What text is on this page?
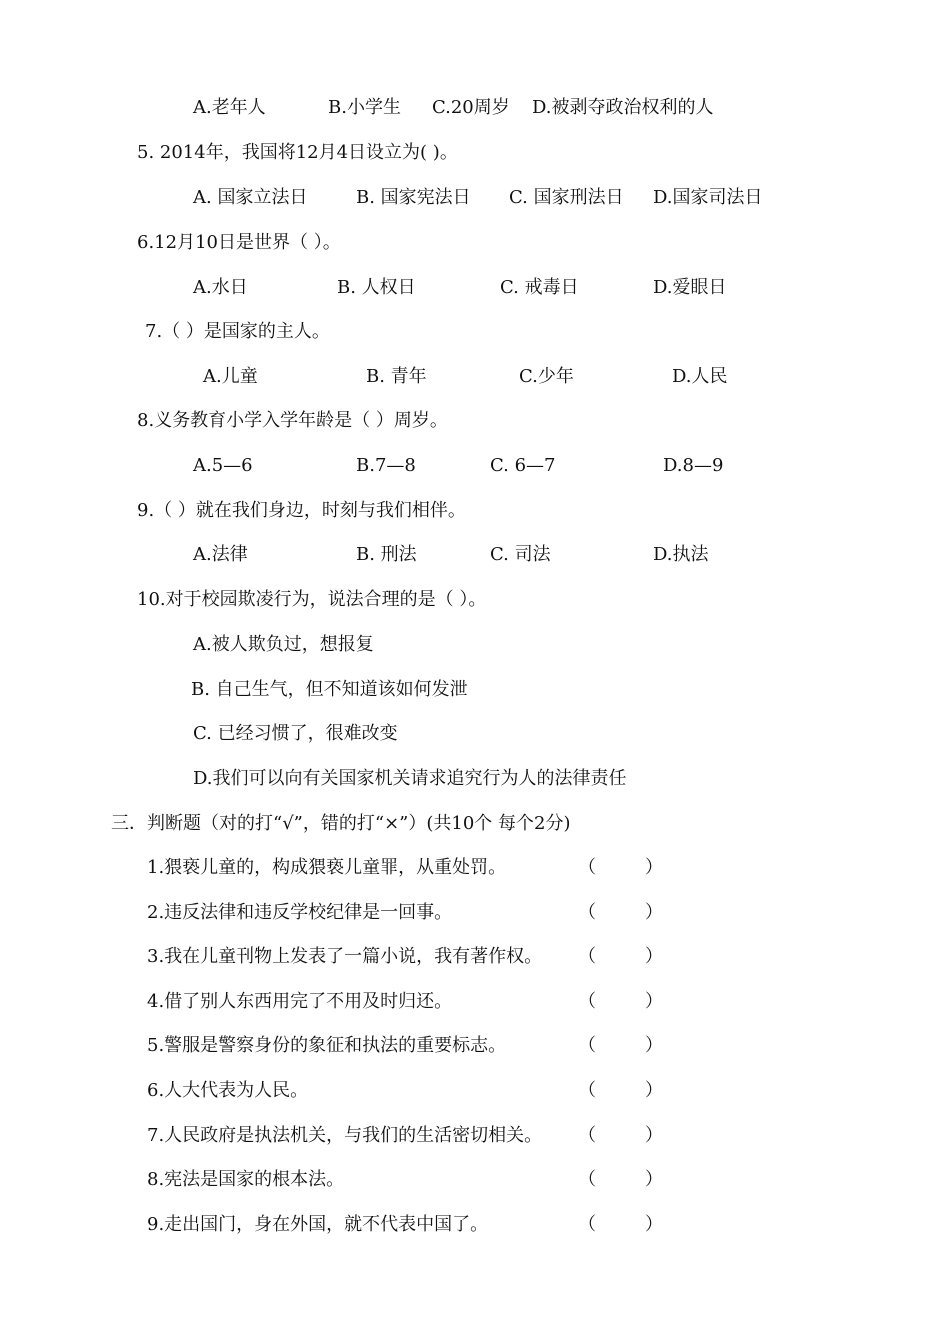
A.老年人	B.小学生 C.20周岁 D.被剥夺政治权利的人
5. 2014年，我国将12月4日设立为( )。
A. 国家立法日	B. 国家宪法日 C. 国家刑法日 D.国家司法日
6.12月10日是世界（ ）。
A.水日	B. 人权日	C. 戒毒日	D.爱眼日
7.（ ）是国家的主人。
A.儿童	B. 青年	C.少年	D.人民
8.义务教育小学入学年龄是（ ）周岁。
A.5—6	B.7—8	C. 6—7	D.8—9
9.（ ）就在我们身边，时刻与我们相伴。
A.法律	B. 刑法	C. 司法	D.执法
10.对于校园欺凌行为，说法合理的是（ ）。
A.被人欺负过，想报复
B. 自己生气，但不知道该如何发泄
C. 已经习惯了，很难改变
D.我们可以向有关国家机关请求追究行为人的法律责任
三．判断题（对的打“√”，错的打“×”）(共10个 每个2分)
1.猥亵儿童的，构成猥亵儿童罪，从重处罚。	（	）
2.违反法律和违反学校纪律是一回事。	（	）
3.我在儿童刊物上发表了一篇小说，我有著作权。 （	）
4.借了别人东西用完了不用及时归还。	（	）
5.警服是警察身份的象征和执法的重要标志。	（	）
6.人大代表为人民。	（	）
7.人民政府是执法机关，与我们的生活密切相关。 （	）
8.宪法是国家的根本法。	（	）
9.走出国门，身在外国，就不代表中国了。	（	）
